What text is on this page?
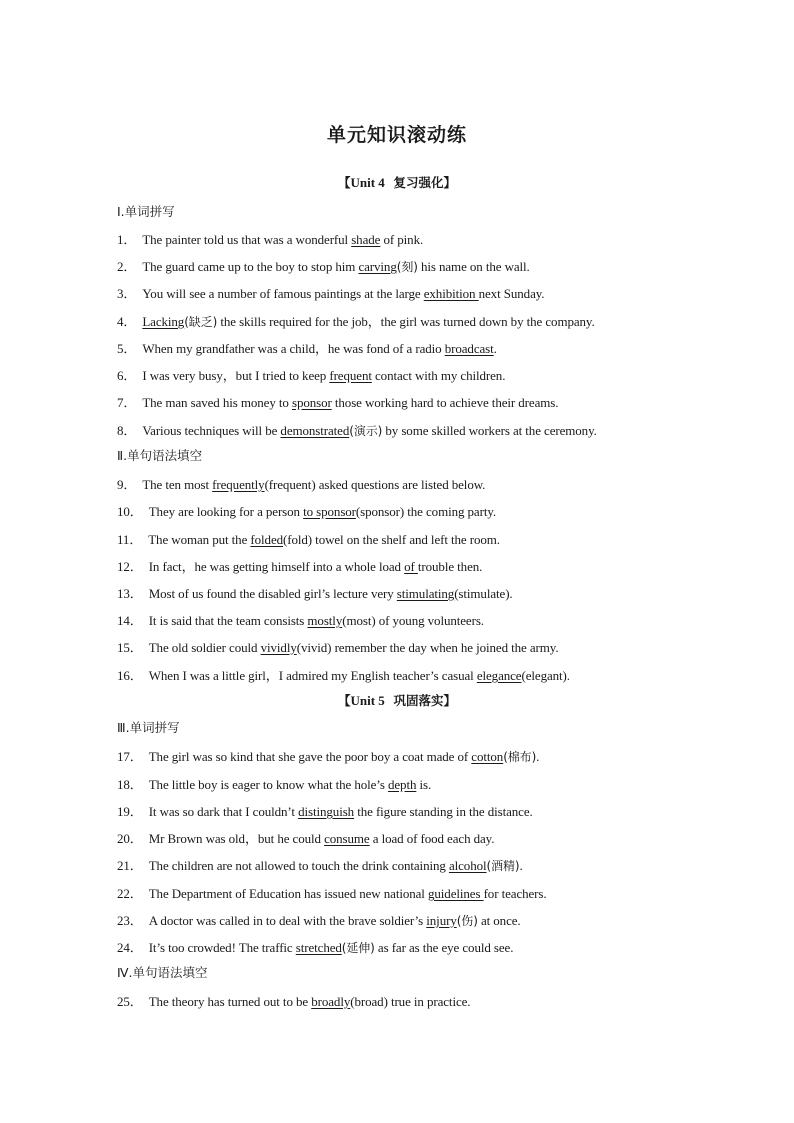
单元知识滚动练
【Unit 4 复习强化】
Ⅰ.单词拼写
Ⅱ.单句语法填空
【Unit 5 巩固落实】
Ⅲ.单词拼写
Ⅳ.单句语法填空
1． The painter told us that was a wonderful shade of pink.
2． The guard came up to the boy to stop him carving(刻) his name on the wall.
3． You will see a number of famous paintings at the large exhibition next Sunday.
4． Lacking(缺乏) the skills required for the job，the girl was turned down by the company.
5． When my grandfather was a child，he was fond of a radio broadcast.
6． I was very busy，but I tried to keep frequent contact with my children.
7． The man saved his money to sponsor those working hard to achieve their dreams.
8． Various techniques will be demonstrated(演示) by some skilled workers at the ceremony.
9． The ten most frequently(frequent) asked questions are listed below.
10． They are looking for a person to sponsor(sponsor) the coming party.
11． The woman put the folded(fold) towel on the shelf and left the room.
12． In fact，he was getting himself into a whole load of trouble then.
13． Most of us found the disabled girl’s lecture very stimulating(stimulate).
14． It is said that the team consists mostly(most) of young volunteers.
15． The old soldier could vividly(vivid) remember the day when he joined the army.
16． When I was a little girl，I admired my English teacher’s casual elegance(elegant).
17． The girl was so kind that she gave the poor boy a coat made of cotton(棉布).
18． The little boy is eager to know what the hole’s depth is.
19． It was so dark that I couldn’t distinguish the figure standing in the distance.
20． Mr Brown was old，but he could consume a load of food each day.
21． The children are not allowed to touch the drink containing alcohol(酒精).
22． The Department of Education has issued new national guidelines for teachers.
23． A doctor was called in to deal with the brave soldier’s injury(伤) at once.
24． It’s too crowded! The traffic stretched(延伸) as far as the eye could see.
25． The theory has turned out to be broadly(broad) true in practice.
